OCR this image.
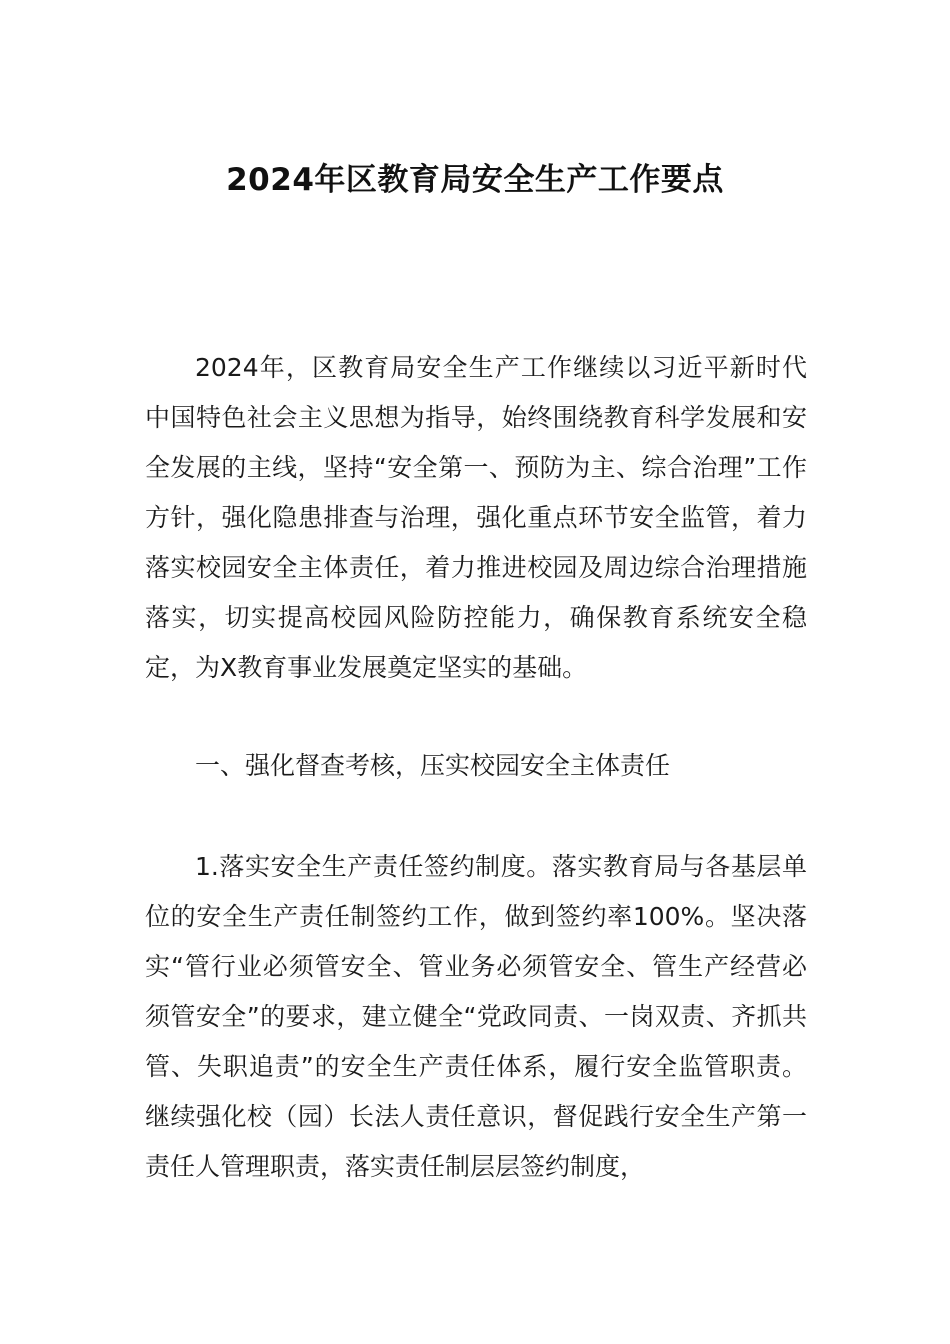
2024年区教育局安全生产工作要点

2024年，区教育局安全生产工作继续以习近平新时代中国特色社会主义思想为指导，始终围绕教育科学发展和安全发展的主线，坚持“安全第一、预防为主、综合治理”工作方针，强化隐患排查与治理，强化重点环节安全监管，着力落实校园安全主体责任，着力推进校园及周边综合治理措施落实，切实提高校园风险防控能力，确保教育系统安全稳定，为X教育事业发展奠定坚实的基础。

一、强化督查考核，压实校园安全主体责任

1.落实安全生产责任签约制度。落实教育局与各基层单位的安全生产责任制签约工作，做到签约率100%。坚决落实“管行业必须管安全、管业务必须管安全、管生产经营必须管安全”的要求，建立健全“党政同责、一岗双责、齐抓共管、失职追责”的安全生产责任体系，履行安全监管职责。继续强化校（园）长法人责任意识，督促践行安全生产第一责任人管理职责，落实责任制层层签约制度，
